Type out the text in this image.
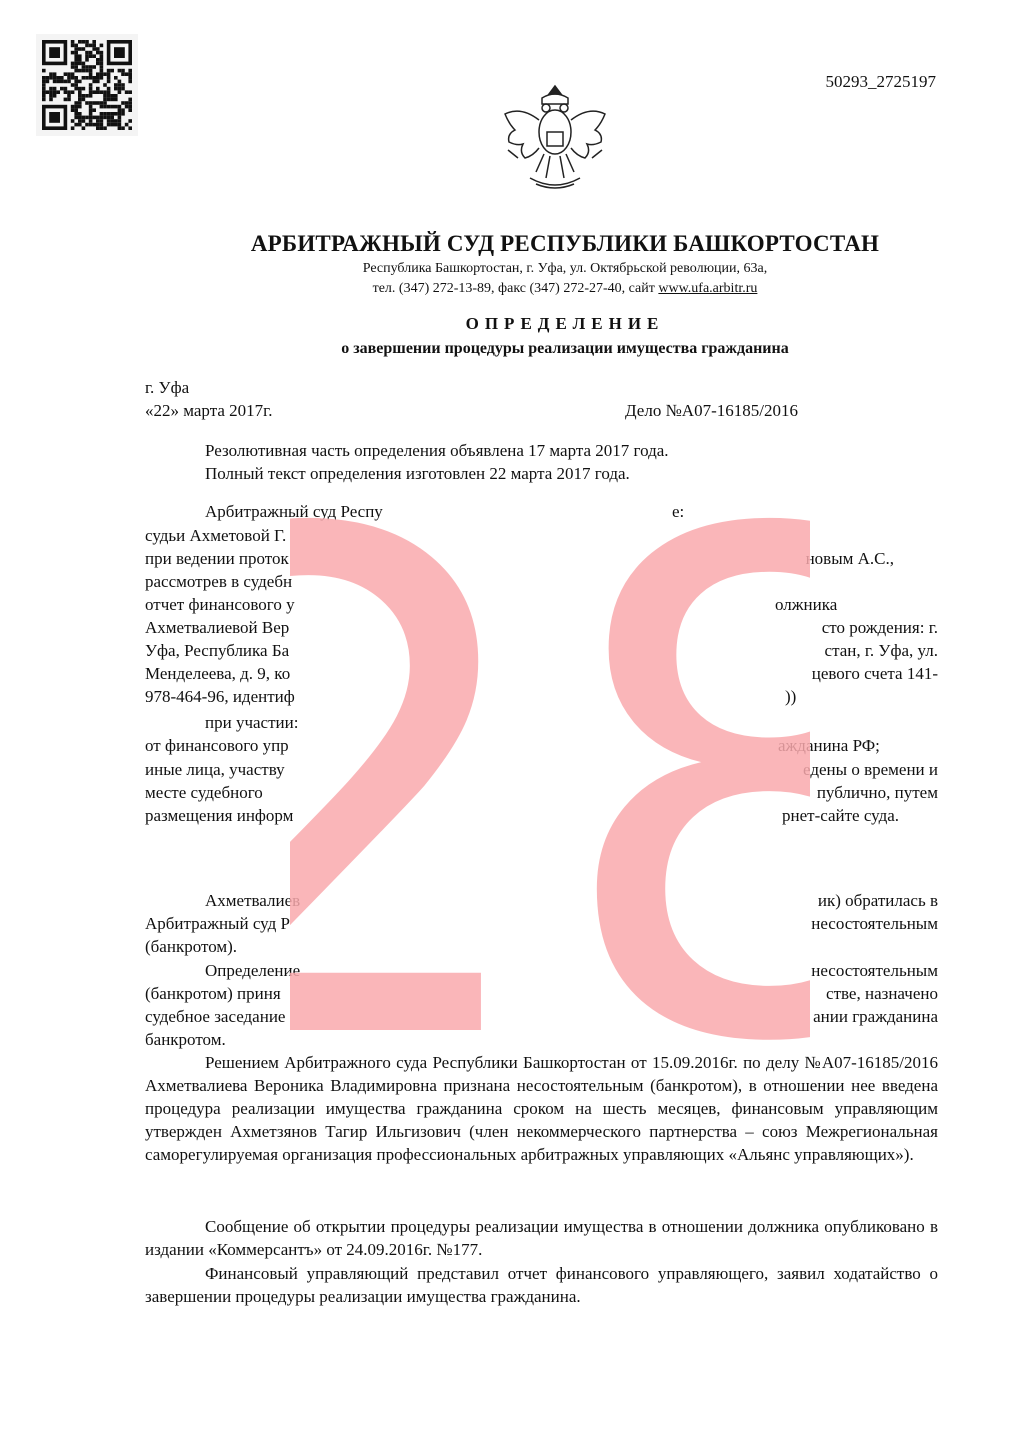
50293_2725197
АРБИТРАЖНЫЙ СУД РЕСПУБЛИКИ БАШКОРТОСТАН
Республика Башкортостан, г. Уфа, ул. Октябрьской революции, 63а,
тел. (347) 272-13-89, факс (347) 272-27-40, сайт www.ufa.arbitr.ru
ОПРЕДЕЛЕНИЕ
о завершении процедуры реализации имущества гражданина
г. Уфа
«22» марта 2017г.	Дело №А07-16185/2016
Резолютивная часть определения объявлена 17 марта 2017 года.
Полный текст определения изготовлен 22 марта 2017 года.
Арбитражный суд Респу	е:
судьи Ахметовой Г.
при ведении проток	новым А.С.,
рассмотрев в судебн
отчет финансового у	олжника
Ахметвалиевой Вер	сто рождения: г.
Уфа, Республика Ба	стан, г. Уфа, ул.
Менделеева, д. 9, ко	цевого счета 141-
978-464-96, идентиф	))
при участии:
от финансового упр	ажданина РФ;
иные лица, участву	едены о времени и
месте судебного	публично, путем
размещения информ	рнет-сайте суда.
Ахметвалиев	ик) обратилась в
Арбитражный суд Р	несостоятельным
(банкротом).
Определение	несостоятельным
(банкротом) приня	стве, назначено
судебное заседание	ании гражданина
банкротом.
Решением Арбитражного суда Республики Башкортостан от 15.09.2016г. по делу №А07-16185/2016 Ахметвалиева Вероника Владимировна признана несостоятельным (банкротом), в отношении нее введена процедура реализации имущества гражданина сроком на шесть месяцев, финансовым управляющим утвержден Ахметзянов Тагир Ильгизович (член некоммерческого партнерства – союз Межрегиональная саморегулируемая организация профессиональных арбитражных управляющих «Альянс управляющих»).
Сообщение об открытии процедуры реализации имущества в отношении должника опубликовано в издании «Коммерсантъ» от 24.09.2016г. №177.
Финансовый управляющий представил отчет финансового управляющего, заявил ходатайство о завершении процедуры реализации имущества гражданина.
28
